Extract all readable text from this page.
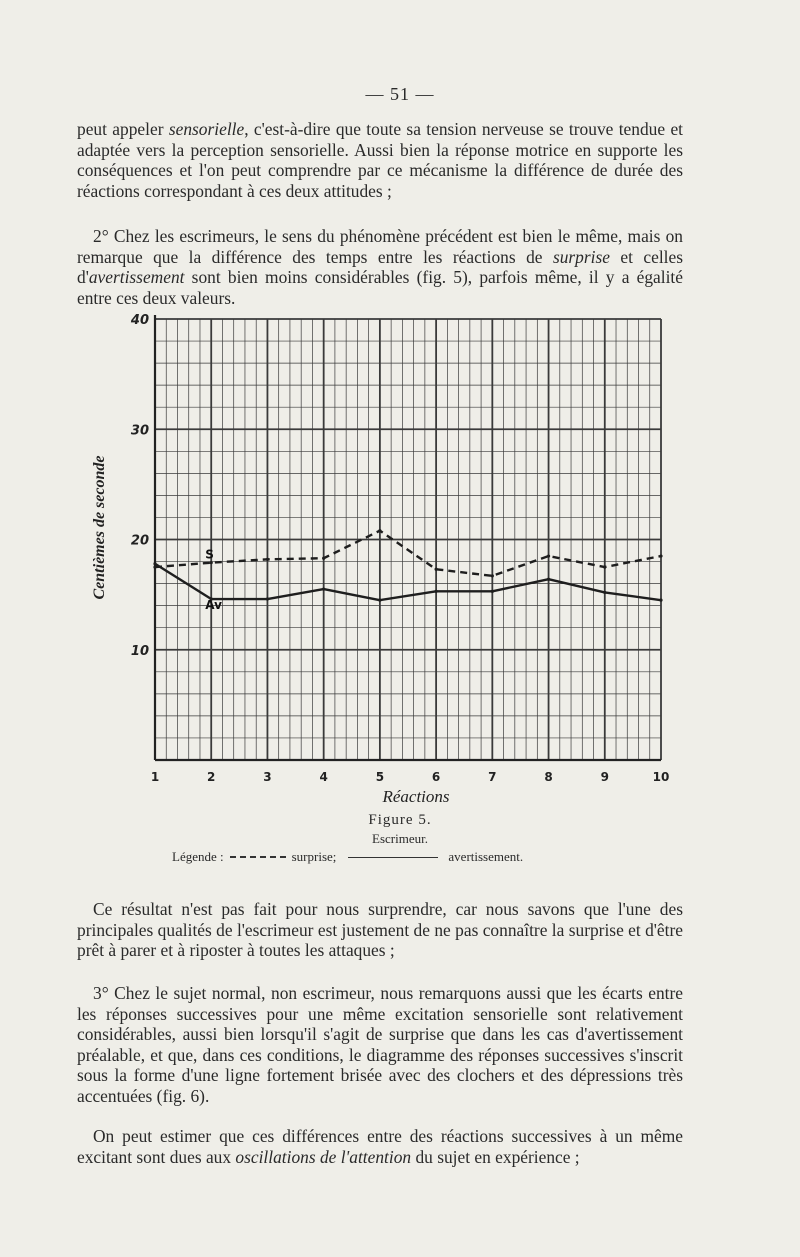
— 51 —

peut appeler sensorielle, c'est-à-dire que toute sa tension nerveuse se trouve tendue et adaptée vers la perception sensorielle. Aussi bien la réponse motrice en supporte les conséquences et l'on peut comprendre par ce mécanisme la différence de durée des réactions correspondant à ces deux attitudes ;

2° Chez les escrimeurs, le sens du phénomène précédent est bien le même, mais on remarque que la différence des temps entre les réactions de surprise et celles d'avertissement sont bien moins considérables (fig. 5), parfois même, il y a égalité entre ces deux valeurs.

10
20
30
40
1	2	3	4	5	6	7	8	9	10
Réactions
Centièmes de seconde	S
Av
Figure 5.
Escrimeur.
Légende :	surprise;	avertissement.

Ce résultat n'est pas fait pour nous surprendre, car nous savons que l'une des principales qualités de l'escrimeur est justement de ne pas connaître la surprise et d'être prêt à parer et à riposter à toutes les attaques ;

3° Chez le sujet normal, non escrimeur, nous remarquons aussi que les écarts entre les réponses successives pour une même excitation sensorielle sont relativement considérables, aussi bien lorsqu'il s'agit de surprise que dans les cas d'avertissement préalable, et que, dans ces conditions, le diagramme des réponses successives s'inscrit sous la forme d'une ligne fortement brisée avec des clochers et des dépressions très accentuées (fig. 6).

On peut estimer que ces différences entre des réactions successives à un même excitant sont dues aux oscillations de l'attention du sujet en expérience ;
